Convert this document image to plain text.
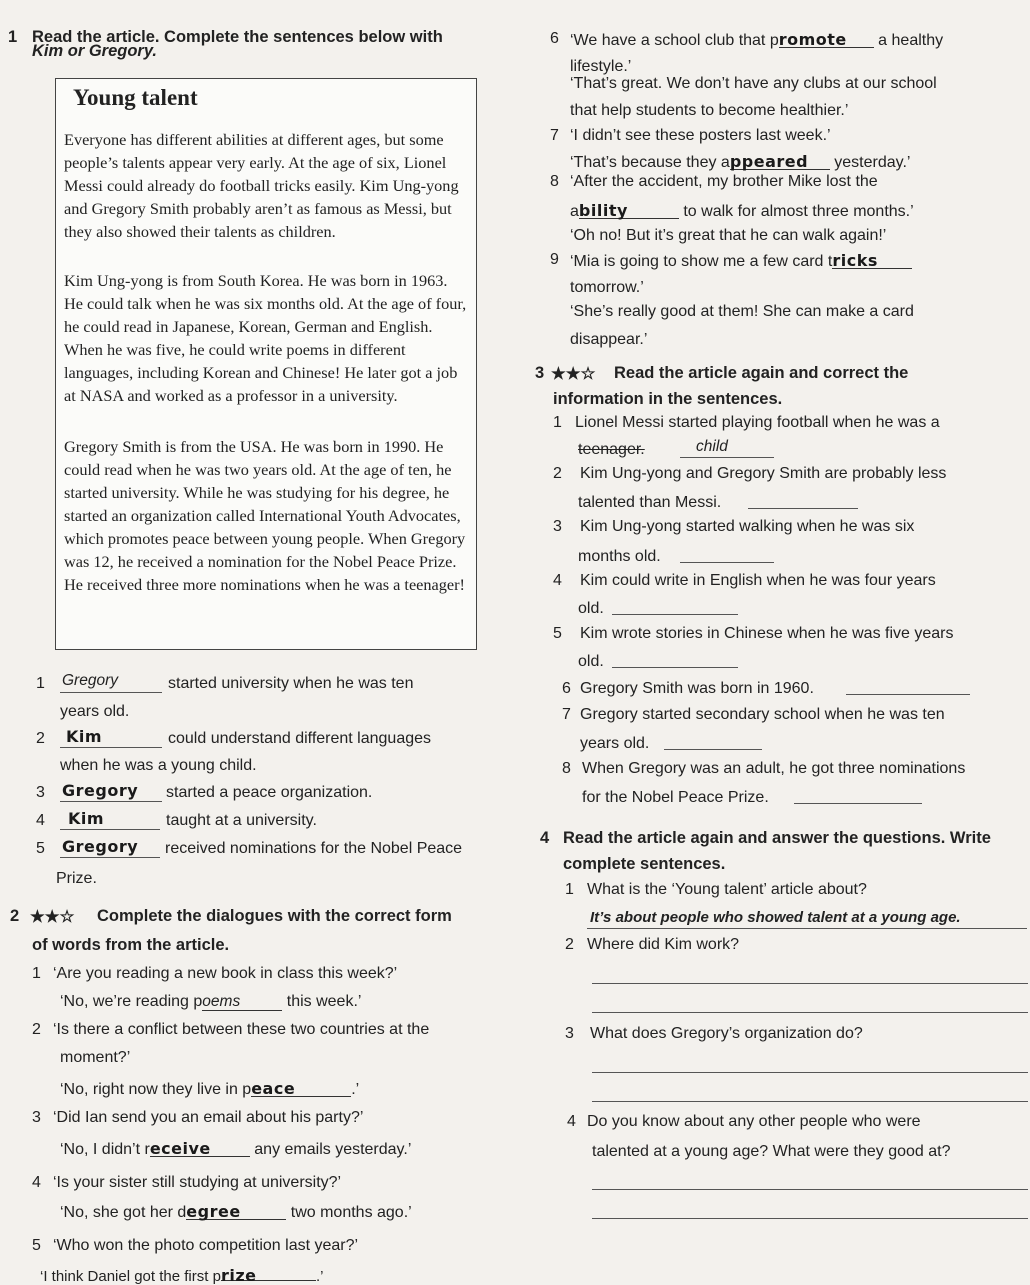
1 Read the article. Complete the sentences below with
Kim or Gregory.
Young talent
Everyone has different abilities at different ages, but some people’s talents appear very early. At the age of six, Lionel Messi could already do football tricks easily. Kim Ung-yong and Gregory Smith probably aren’t as famous as Messi, but they also showed their talents as children.
Kim Ung-yong is from South Korea. He was born in 1963. He could talk when he was six months old. At the age of four, he could read in Japanese, Korean, German and English. When he was five, he could write poems in different languages, including Korean and Chinese! He later got a job at NASA and worked as a professor in a university.
Gregory Smith is from the USA. He was born in 1990. He could read when he was two years old. At the age of ten, he started university. While he was studying for his degree, he started an organization called International Youth Advocates, which promotes peace between young people. When Gregory was 12, he received a nomination for the Nobel Peace Prize. He received three more nominations when he was a teenager!
1 Gregory	started university when he was ten
years old.
2	Kim	could understand different languages
when he was a young child.
3 Gregory	started a peace organization.
4	Kim	taught at a university.
5 Gregory	received nominations for the Nobel Peace
Prize.
2 ★★☆ Complete the dialogues with the correct form
of words from the article.
1 ‘Are you reading a new book in class this week?’
‘No, we’re reading poems	this week.’
2 ‘Is there a conflict between these two countries at the
moment?’
‘No, right now they live in peace	.’
3 ‘Did Ian send you an email about his party?’
‘No, I didn’t receive	any emails yesterday.’
4 ‘Is your sister still studying at university?’
‘No, she got her degree	two months ago.’
5 ‘Who won the photo competition last year?’
‘I think Daniel got the first prize	.’
6 ‘We have a school club that promote a healthy
lifestyle.’
‘That’s great. We don’t have any clubs at our school
that help students to become healthier.’
7 ‘I didn’t see these posters last week.’
‘That’s because they appeared yesterday.’
8 ‘After the accident, my brother Mike lost the
ability	to walk for almost three months.’
‘Oh no! But it’s great that he can walk again!’
9 ‘Mia is going to show me a few card tricks
tomorrow.’
‘She’s really good at them! She can make a card
disappear.’
3 ★★☆ Read the article again and correct the
information in the sentences.
1 Lionel Messi started playing football when he was a
teenager.	child
2 Kim Ung-yong and Gregory Smith are probably less
talented than Messi.
3 Kim Ung-yong started walking when he was six
months old.
4 Kim could write in English when he was four years
old.
5 Kim wrote stories in Chinese when he was five years
old.
6 Gregory Smith was born in 1960.
7 Gregory started secondary school when he was ten
years old.
8 When Gregory was an adult, he got three nominations
for the Nobel Peace Prize.
4 Read the article again and answer the questions. Write
complete sentences.
1 What is the ‘Young talent’ article about?
It’s about people who showed talent at a young age.
2 Where did Kim work?
3 What does Gregory’s organization do?
4 Do you know about any other people who were
talented at a young age? What were they good at?
